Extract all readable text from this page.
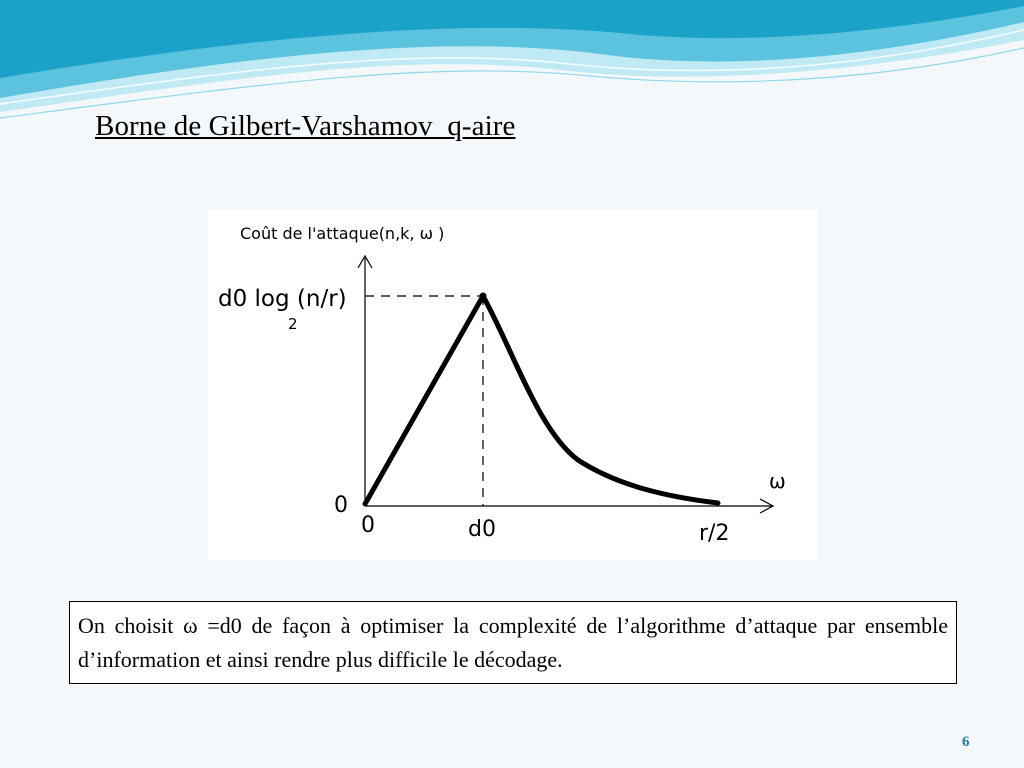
Borne de Gilbert-Varshamov  q-aire
Coût de l'attaque(n,k, ω )
ω
d0 log (n/r)
2
0
0	d0	r/2
On choisit ω =d0 de façon à optimiser la complexité de l’algorithme d’attaque par ensemble d’information et ainsi rendre plus difficile le décodage.
6
